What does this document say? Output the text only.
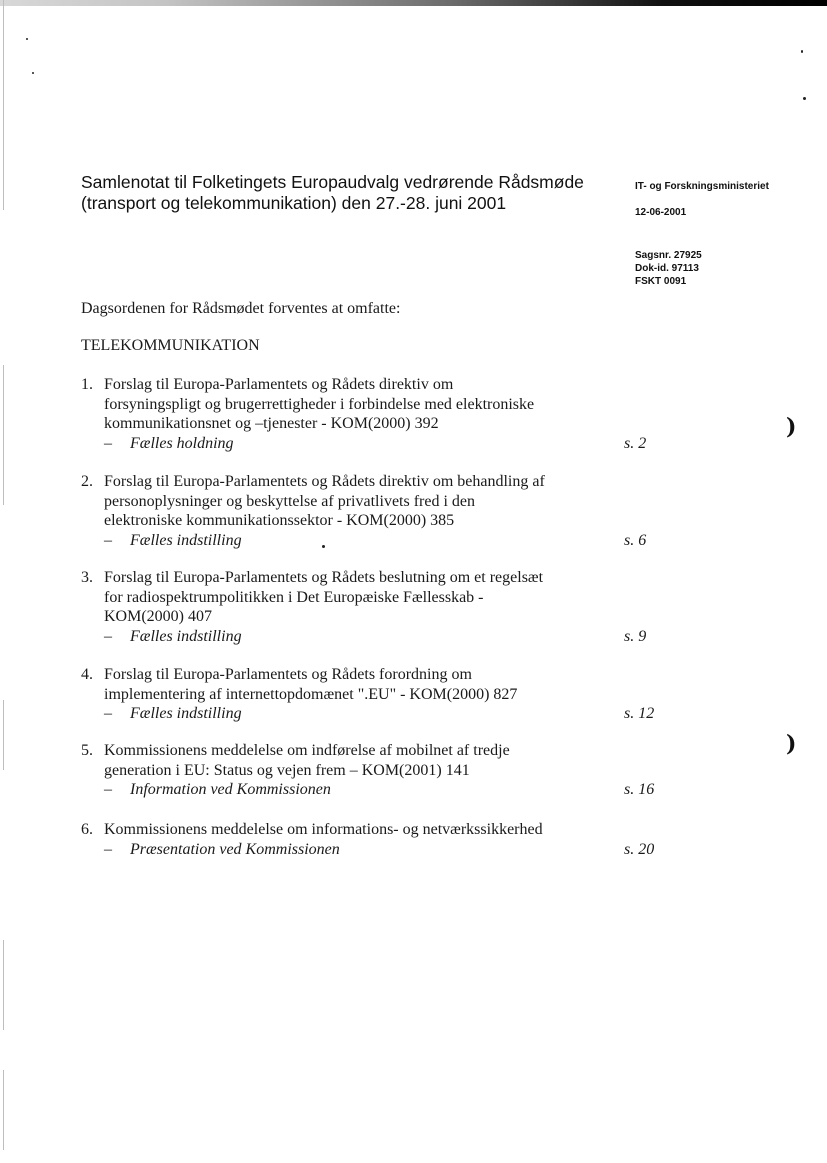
Samlenotat til Folketingets Europaudvalg vedrørende Rådsmøde
(transport og telekommunikation) den 27.-28. juni 2001
IT- og Forskningsministeriet
12-06-2001
Sagsnr. 27925
Dok-id. 97113
FSKT 0091
Dagsordenen for Rådsmødet forventes at omfatte:
TELEKOMMUNIKATION
1. Forslag til Europa-Parlamentets og Rådets direktiv om
forsyningspligt og brugerrettigheder i forbindelse med elektroniske
kommunikationsnet og –tjenester - KOM(2000) 392
– Fælles holdning	s. 2
2. Forslag til Europa-Parlamentets og Rådets direktiv om behandling af
personoplysninger og beskyttelse af privatlivets fred i den
elektroniske kommunikationssektor - KOM(2000) 385
– Fælles indstilling	s. 6
3. Forslag til Europa-Parlamentets og Rådets beslutning om et regelsæt
for radiospektrumpolitikken i Det Europæiske Fællesskab -
KOM(2000) 407
– Fælles indstilling	s. 9
4. Forslag til Europa-Parlamentets og Rådets forordning om
implementering af internettopdomænet ".EU" - KOM(2000) 827
– Fælles indstilling	s. 12
5. Kommissionens meddelelse om indførelse af mobilnet af tredje
generation i EU: Status og vejen frem – KOM(2001) 141
– Information ved Kommissionen	s. 16
6. Kommissionens meddelelse om informations- og netværkssikkerhed
– Præsentation ved Kommissionen	s. 20
)
)
